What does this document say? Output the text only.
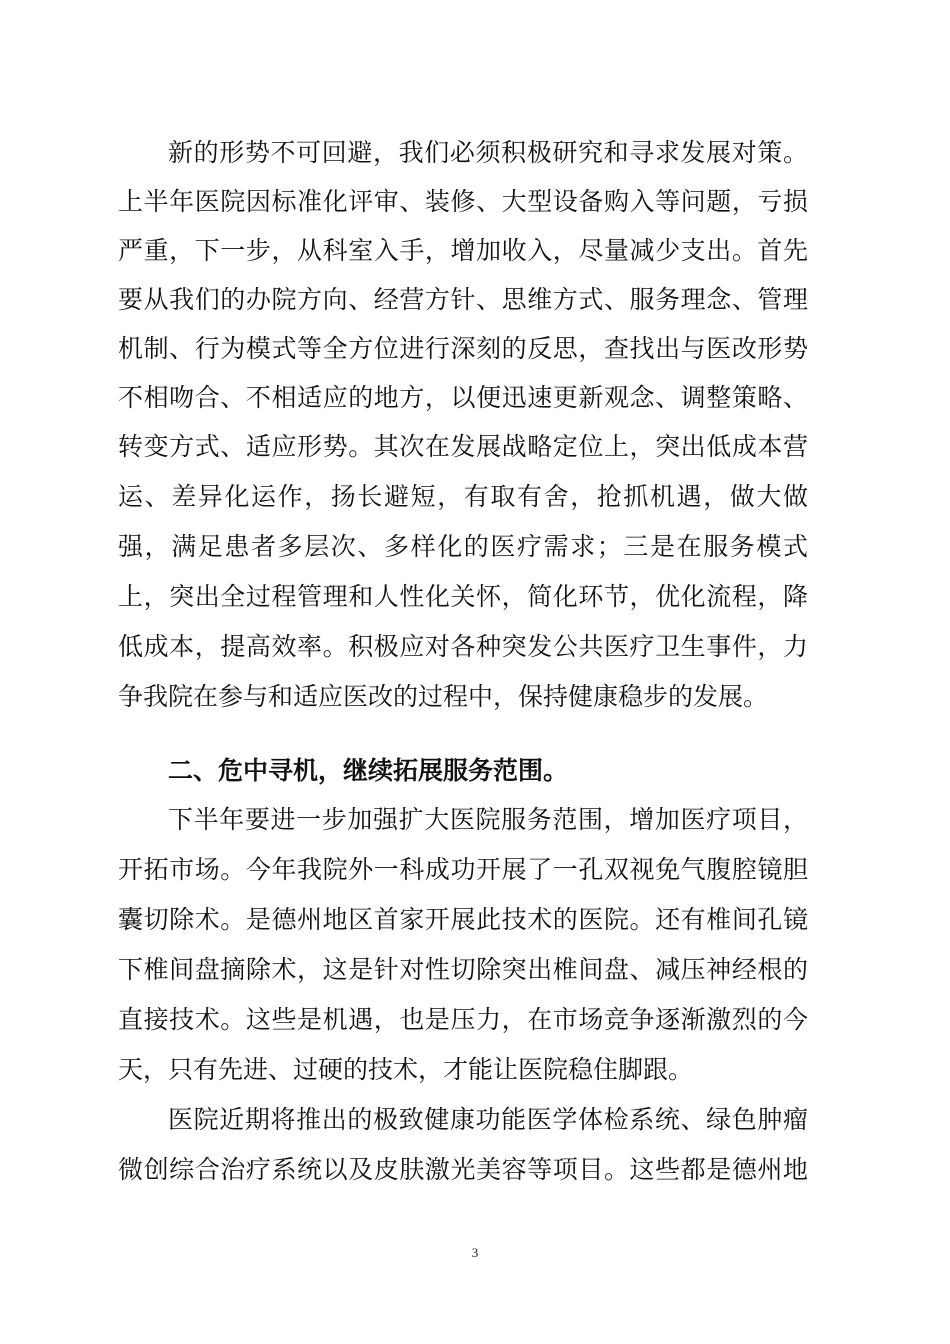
新的形势不可回避，我们必须积极研究和寻求发展对策。
上半年医院因标准化评审、装修、大型设备购入等问题，亏损
严重，下一步，从科室入手，增加收入，尽量减少支出。首先
要从我们的办院方向、经营方针、思维方式、服务理念、管理
机制、行为模式等全方位进行深刻的反思，查找出与医改形势
不相吻合、不相适应的地方，以便迅速更新观念、调整策略、
转变方式、适应形势。其次在发展战略定位上，突出低成本营
运、差异化运作，扬长避短，有取有舍，抢抓机遇，做大做
强，满足患者多层次、多样化的医疗需求；三是在服务模式
上，突出全过程管理和人性化关怀，简化环节，优化流程，降
低成本，提高效率。积极应对各种突发公共医疗卫生事件，力
争我院在参与和适应医改的过程中，保持健康稳步的发展。
二、危中寻机，继续拓展服务范围。
下半年要进一步加强扩大医院服务范围，增加医疗项目，
开拓市场。今年我院外一科成功开展了一孔双视免气腹腔镜胆
囊切除术。是德州地区首家开展此技术的医院。还有椎间孔镜
下椎间盘摘除术，这是针对性切除突出椎间盘、减压神经根的
直接技术。这些是机遇，也是压力，在市场竞争逐渐激烈的今
天，只有先进、过硬的技术，才能让医院稳住脚跟。
医院近期将推出的极致健康功能医学体检系统、绿色肿瘤
微创综合治疗系统以及皮肤激光美容等项目。这些都是德州地
3
